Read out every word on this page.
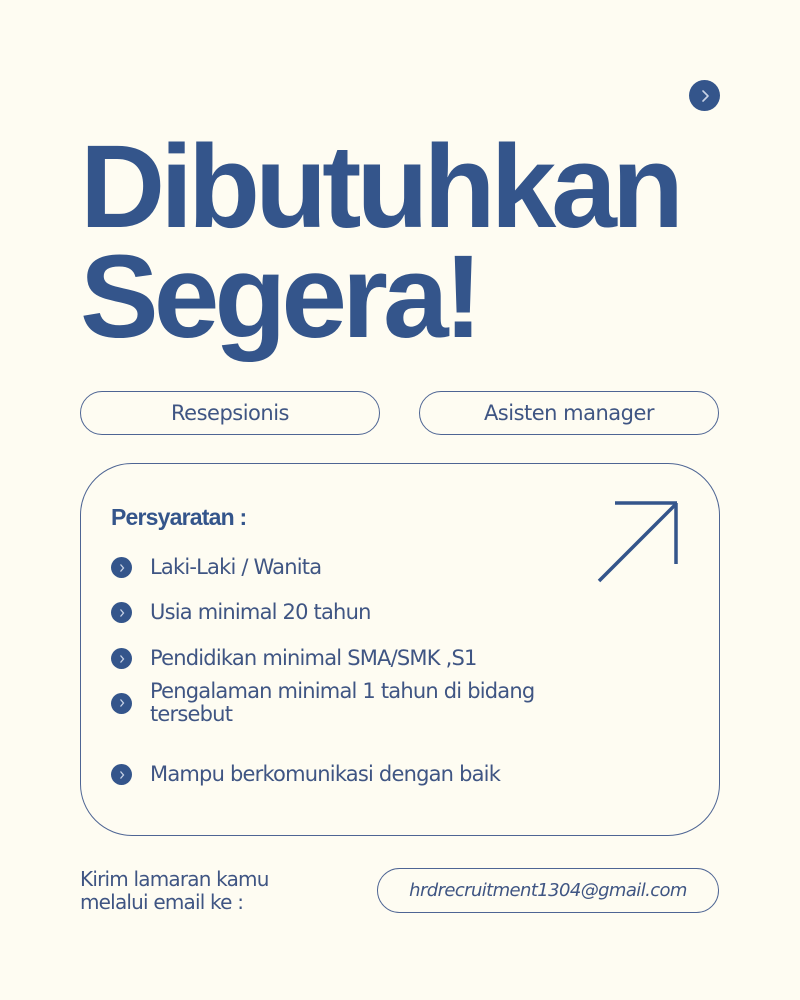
Dibutuhkan
Segera!
Resepsionis	Asisten manager
Persyaratan :
Laki-Laki / Wanita
Usia minimal 20 tahun
Pendidikan minimal SMA/SMK ,S1
Pengalaman minimal 1 tahun di bidang
tersebut
Mampu berkomunikasi dengan baik
Kirim lamaran kamu
melalui email ke :	hrdrecruitment1304@gmail.com
